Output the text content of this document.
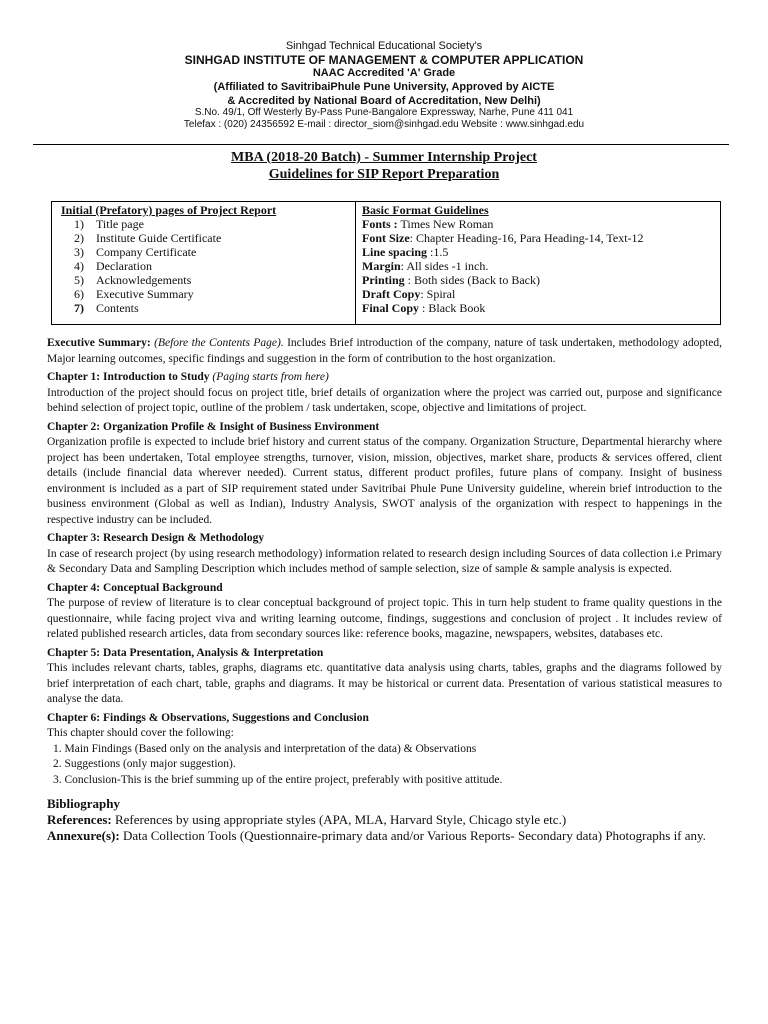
Sinhgad Technical Educational Society's
SINHGAD INSTITUTE OF MANAGEMENT & COMPUTER APPLICATION
NAAC Accredited 'A' Grade
(Affiliated to SavitribaiPhule Pune University, Approved by AICTE
& Accredited by National Board of Accreditation, New Delhi)
S.No. 49/1, Off Westerly By-Pass Pune-Bangalore Expressway, Narhe, Pune 411 041
Telefax : (020) 24356592 E-mail : director_siom@sinhgad.edu Website : www.sinhgad.edu
MBA (2018-20 Batch) - Summer Internship Project
Guidelines for SIP Report Preparation
Initial (Prefatory) pages of Project Report
1) Title page
2) Institute Guide Certificate
3) Company Certificate
4) Declaration
5) Acknowledgements
6) Executive Summary
7) Contents
Basic Format Guidelines
Fonts : Times New Roman
Font Size: Chapter Heading-16, Para Heading-14, Text-12
Line spacing :1.5
Margin: All sides -1 inch.
Printing : Both sides (Back to Back)
Draft Copy: Spiral
Final Copy : Black Book

Executive Summary: (Before the Contents Page). Includes Brief introduction of the company, nature of task undertaken, methodology adopted, Major learning outcomes, specific findings and suggestion in the form of contribution to the host organization.

Chapter 1: Introduction to Study (Paging starts from here)

Introduction of the project should focus on project title, brief details of organization where the project was carried out, purpose and significance behind selection of project topic, outline of the problem / task undertaken, scope, objective and limitations of project.

Chapter 2: Organization Profile & Insight of Business Environment

Organization profile is expected to include brief history and current status of the company. Organization Structure, Departmental hierarchy where project has been undertaken, Total employee strengths, turnover, vision, mission, objectives, market share, products & services offered, client details (include financial data wherever needed). Current status, different product profiles, future plans of company. Insight of business environment is included as a part of SIP requirement stated under Savitribai Phule Pune University guideline, wherein brief introduction to the business environment (Global as well as Indian), Industry Analysis, SWOT analysis of the organization with respect to happenings in the respective industry can be included.

Chapter 3: Research Design & Methodology

In case of research project (by using research methodology) information related to research design including Sources of data collection i.e Primary & Secondary Data and Sampling Description which includes method of sample selection, size of sample & sample analysis is expected.

Chapter 4: Conceptual Background

The purpose of review of literature is to clear conceptual background of project topic. This in turn help student to frame quality questions in the questionnaire, while facing project viva and writing learning outcome, findings, suggestions and conclusion of project . It includes review of related published research articles, data from secondary sources like: reference books, magazine, newspapers, websites, databases etc.

Chapter 5: Data Presentation, Analysis & Interpretation

This includes relevant charts, tables, graphs, diagrams etc. quantitative data analysis using charts, tables, graphs and the diagrams followed by brief interpretation of each chart, table, graphs and diagrams. It may be historical or current data. Presentation of various statistical measures to analyse the data.

Chapter 6: Findings & Observations, Suggestions and Conclusion

This chapter should cover the following:

1. Main Findings (Based only on the analysis and interpretation of the data) & Observations

2. Suggestions (only major suggestion).

3. Conclusion-This is the brief summing up of the entire project, preferably with positive attitude.

Bibliography

References: References by using appropriate styles (APA, MLA, Harvard Style, Chicago style etc.)

Annexure(s): Data Collection Tools (Questionnaire-primary data and/or Various Reports- Secondary data) Photographs if any.
